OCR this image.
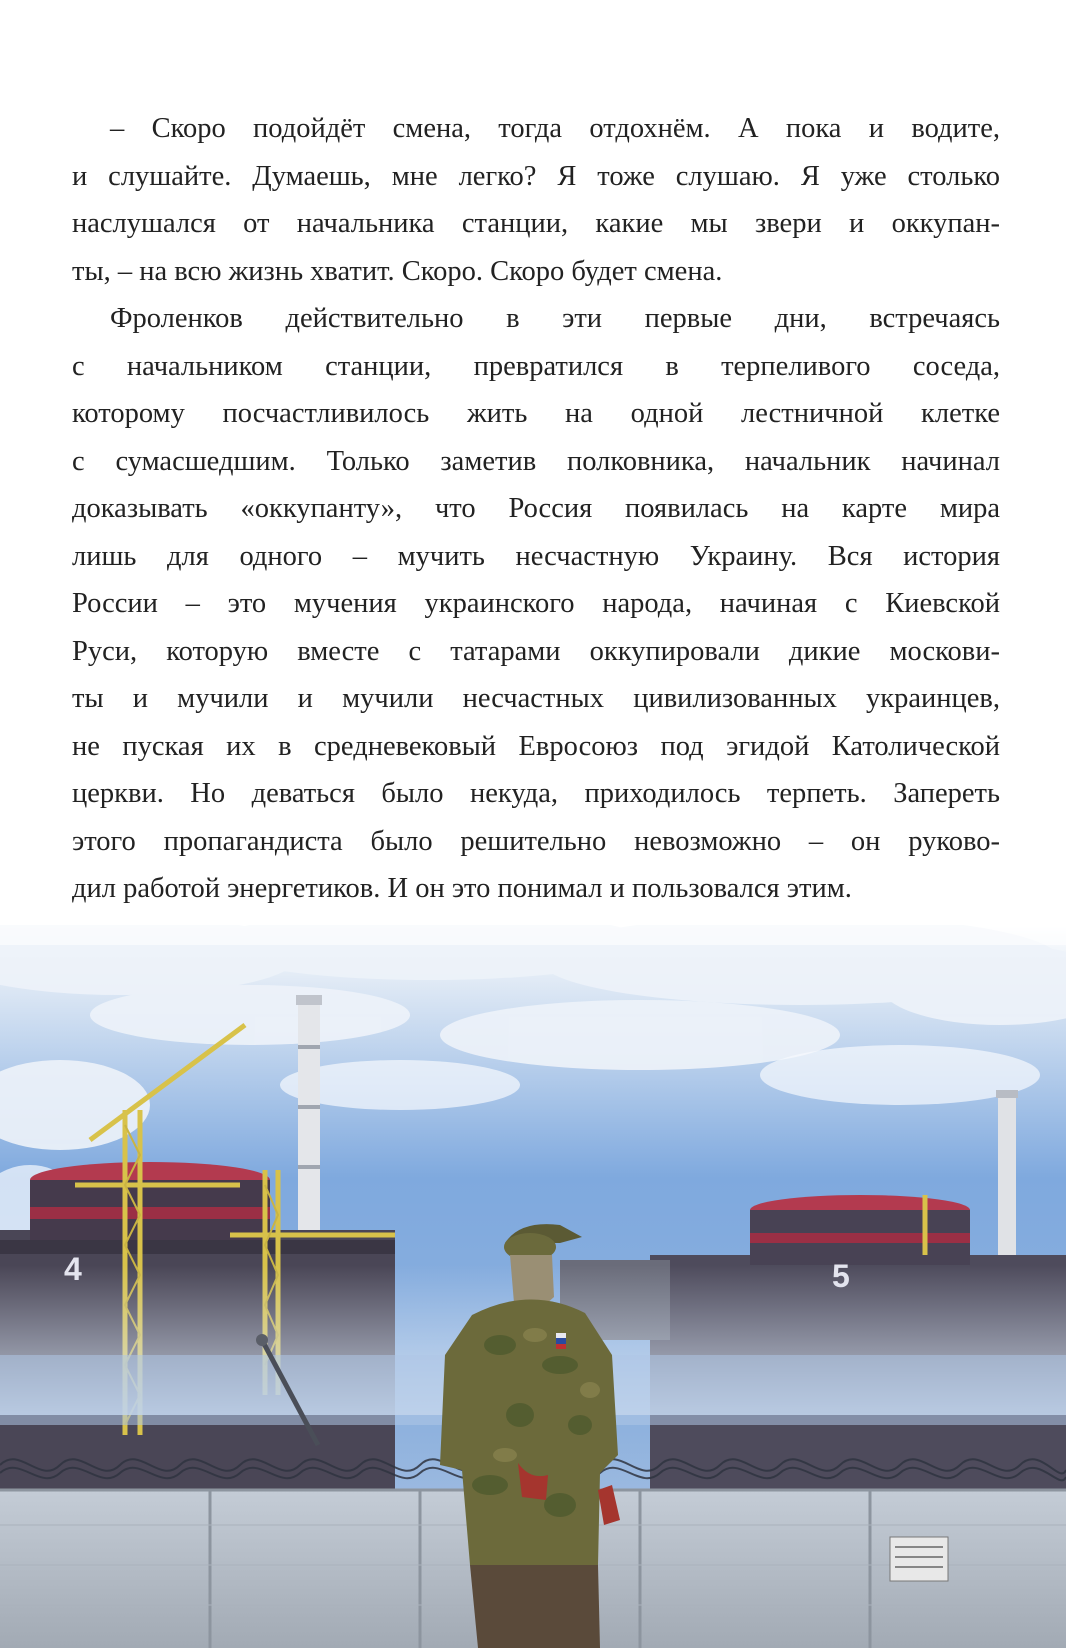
– Скоро подойдёт смена, тогда отдохнём. А пока и водите,
и слушайте. Думаешь, мне легко? Я тоже слушаю. Я уже столько
наслушался от начальника станции, какие мы звери и оккупан-
ты, – на всю жизнь хватит. Скоро. Скоро будет смена.
Фроленков действительно в эти первые дни, встречаясь
с начальником станции, превратился в терпеливого соседа,
которому посчастливилось жить на одной лестничной клетке
с сумасшедшим. Только заметив полковника, начальник начинал
доказывать «оккупанту», что Россия появилась на карте мира
лишь для одного – мучить несчастную Украину. Вся история
России – это мучения украинского народа, начиная с Киевской
Руси, которую вместе с татарами оккупировали дикие москови-
ты и мучили и мучили несчастных цивилизованных украинцев,
не пуская их в средневековый Евросоюз под эгидой Католической
церкви. Но деваться было некуда, приходилось терпеть. Запереть
этого пропагандиста было решительно невозможно – он руково-
дил работой энергетиков. И он это понимал и пользовался этим.
